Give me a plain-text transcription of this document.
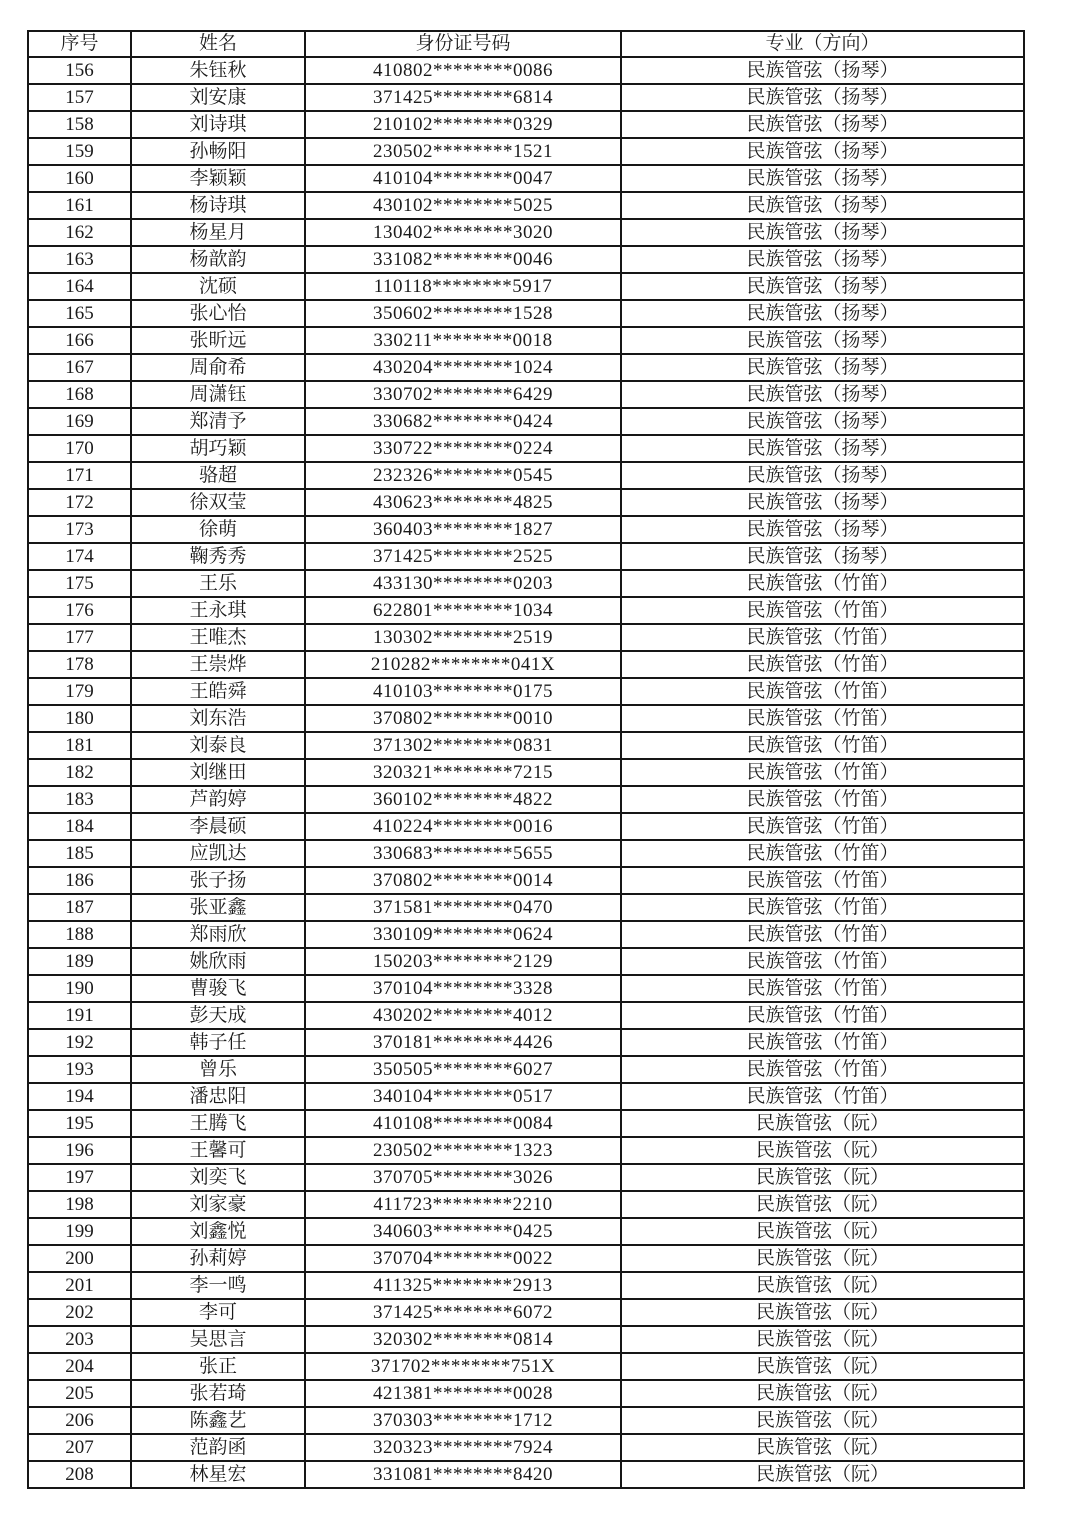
序号	姓名	身份证号码	专业（方向）
156	朱钰秋	410802********0086	民族管弦（扬琴）
157	刘安康	371425********6814	民族管弦（扬琴）
158	刘诗琪	210102********0329	民族管弦（扬琴）
159	孙畅阳	230502********1521	民族管弦（扬琴）
160	李颖颖	410104********0047	民族管弦（扬琴）
161	杨诗琪	430102********5025	民族管弦（扬琴）
162	杨星月	130402********3020	民族管弦（扬琴）
163	杨歆韵	331082********0046	民族管弦（扬琴）
164	沈硕	110118********5917	民族管弦（扬琴）
165	张心怡	350602********1528	民族管弦（扬琴）
166	张昕远	330211********0018	民族管弦（扬琴）
167	周俞希	430204********1024	民族管弦（扬琴）
168	周潇钰	330702********6429	民族管弦（扬琴）
169	郑清予	330682********0424	民族管弦（扬琴）
170	胡巧颖	330722********0224	民族管弦（扬琴）
171	骆超	232326********0545	民族管弦（扬琴）
172	徐双莹	430623********4825	民族管弦（扬琴）
173	徐萌	360403********1827	民族管弦（扬琴）
174	鞠秀秀	371425********2525	民族管弦（扬琴）
175	王乐	433130********0203	民族管弦（竹笛）
176	王永琪	622801********1034	民族管弦（竹笛）
177	王唯杰	130302********2519	民族管弦（竹笛）
178	王崇烨	210282********041X	民族管弦（竹笛）
179	王皓舜	410103********0175	民族管弦（竹笛）
180	刘东浩	370802********0010	民族管弦（竹笛）
181	刘泰良	371302********0831	民族管弦（竹笛）
182	刘继田	320321********7215	民族管弦（竹笛）
183	芦韵婷	360102********4822	民族管弦（竹笛）
184	李晨硕	410224********0016	民族管弦（竹笛）
185	应凯达	330683********5655	民族管弦（竹笛）
186	张子扬	370802********0014	民族管弦（竹笛）
187	张亚鑫	371581********0470	民族管弦（竹笛）
188	郑雨欣	330109********0624	民族管弦（竹笛）
189	姚欣雨	150203********2129	民族管弦（竹笛）
190	曹骏飞	370104********3328	民族管弦（竹笛）
191	彭天成	430202********4012	民族管弦（竹笛）
192	韩子任	370181********4426	民族管弦（竹笛）
193	曾乐	350505********6027	民族管弦（竹笛）
194	潘忠阳	340104********0517	民族管弦（竹笛）
195	王腾飞	410108********0084	民族管弦（阮）
196	王馨可	230502********1323	民族管弦（阮）
197	刘奕飞	370705********3026	民族管弦（阮）
198	刘家豪	411723********2210	民族管弦（阮）
199	刘鑫悦	340603********0425	民族管弦（阮）
200	孙莉婷	370704********0022	民族管弦（阮）
201	李一鸣	411325********2913	民族管弦（阮）
202	李可	371425********6072	民族管弦（阮）
203	吴思言	320302********0814	民族管弦（阮）
204	张正	371702********751X	民族管弦（阮）
205	张若琦	421381********0028	民族管弦（阮）
206	陈鑫艺	370303********1712	民族管弦（阮）
207	范韵函	320323********7924	民族管弦（阮）
208	林星宏	331081********8420	民族管弦（阮）
